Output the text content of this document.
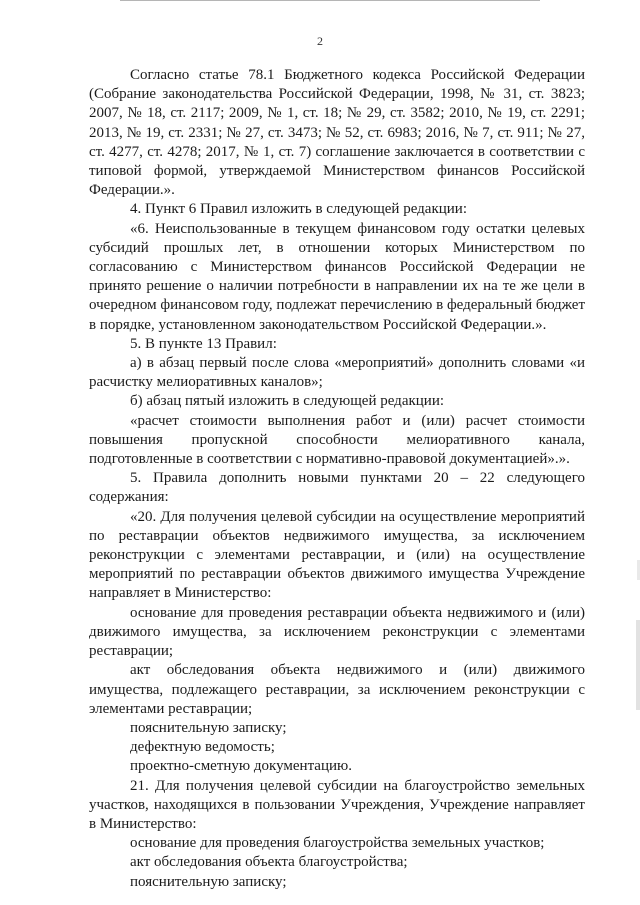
2

Согласно статье 78.1 Бюджетного кодекса Российской Федерации (Собрание законодательства Российской Федерации, 1998, № 31, ст. 3823; 2007, № 18, ст. 2117; 2009, № 1, ст. 18; № 29, ст. 3582; 2010, № 19, ст. 2291; 2013, № 19, ст. 2331; № 27, ст. 3473; № 52, ст. 6983; 2016, № 7, ст. 911; № 27, ст. 4277, ст. 4278; 2017, № 1, ст. 7) соглашение заключается в соответствии с типовой формой, утверждаемой Министерством финансов Российской Федерации.».

4. Пункт 6 Правил изложить в следующей редакции:

«6. Неиспользованные в текущем финансовом году остатки целевых субсидий прошлых лет, в отношении которых Министерством по согласованию с Министерством финансов Российской Федерации не принято решение о наличии потребности в направлении их на те же цели в очередном финансовом году, подлежат перечислению в федеральный бюджет в порядке, установленном законодательством Российской Федерации.».

5. В пункте 13 Правил:

а) в абзац первый после слова «мероприятий» дополнить словами «и расчистку мелиоративных каналов»;

б) абзац пятый изложить в следующей редакции:

«расчет стоимости выполнения работ и (или) расчет стоимости повышения пропускной способности мелиоративного канала, подготовленные в соответствии с нормативно-правовой документацией».».

5. Правила дополнить новыми пунктами 20 – 22 следующего содержания:

«20. Для получения целевой субсидии на осуществление мероприятий по реставрации объектов недвижимого имущества, за исключением реконструкции с элементами реставрации, и (или) на осуществление мероприятий по реставрации объектов движимого имущества Учреждение направляет в Министерство:

основание для проведения реставрации объекта недвижимого и (или) движимого имущества, за исключением реконструкции с элементами реставрации;

акт обследования объекта недвижимого и (или) движимого имущества, подлежащего реставрации, за исключением реконструкции с элементами реставрации;

пояснительную записку;

дефектную ведомость;

проектно-сметную документацию.

21. Для получения целевой субсидии на благоустройство земельных участков, находящихся в пользовании Учреждения, Учреждение направляет в Министерство:

основание для проведения благоустройства земельных участков;

акт обследования объекта благоустройства;

пояснительную записку;
